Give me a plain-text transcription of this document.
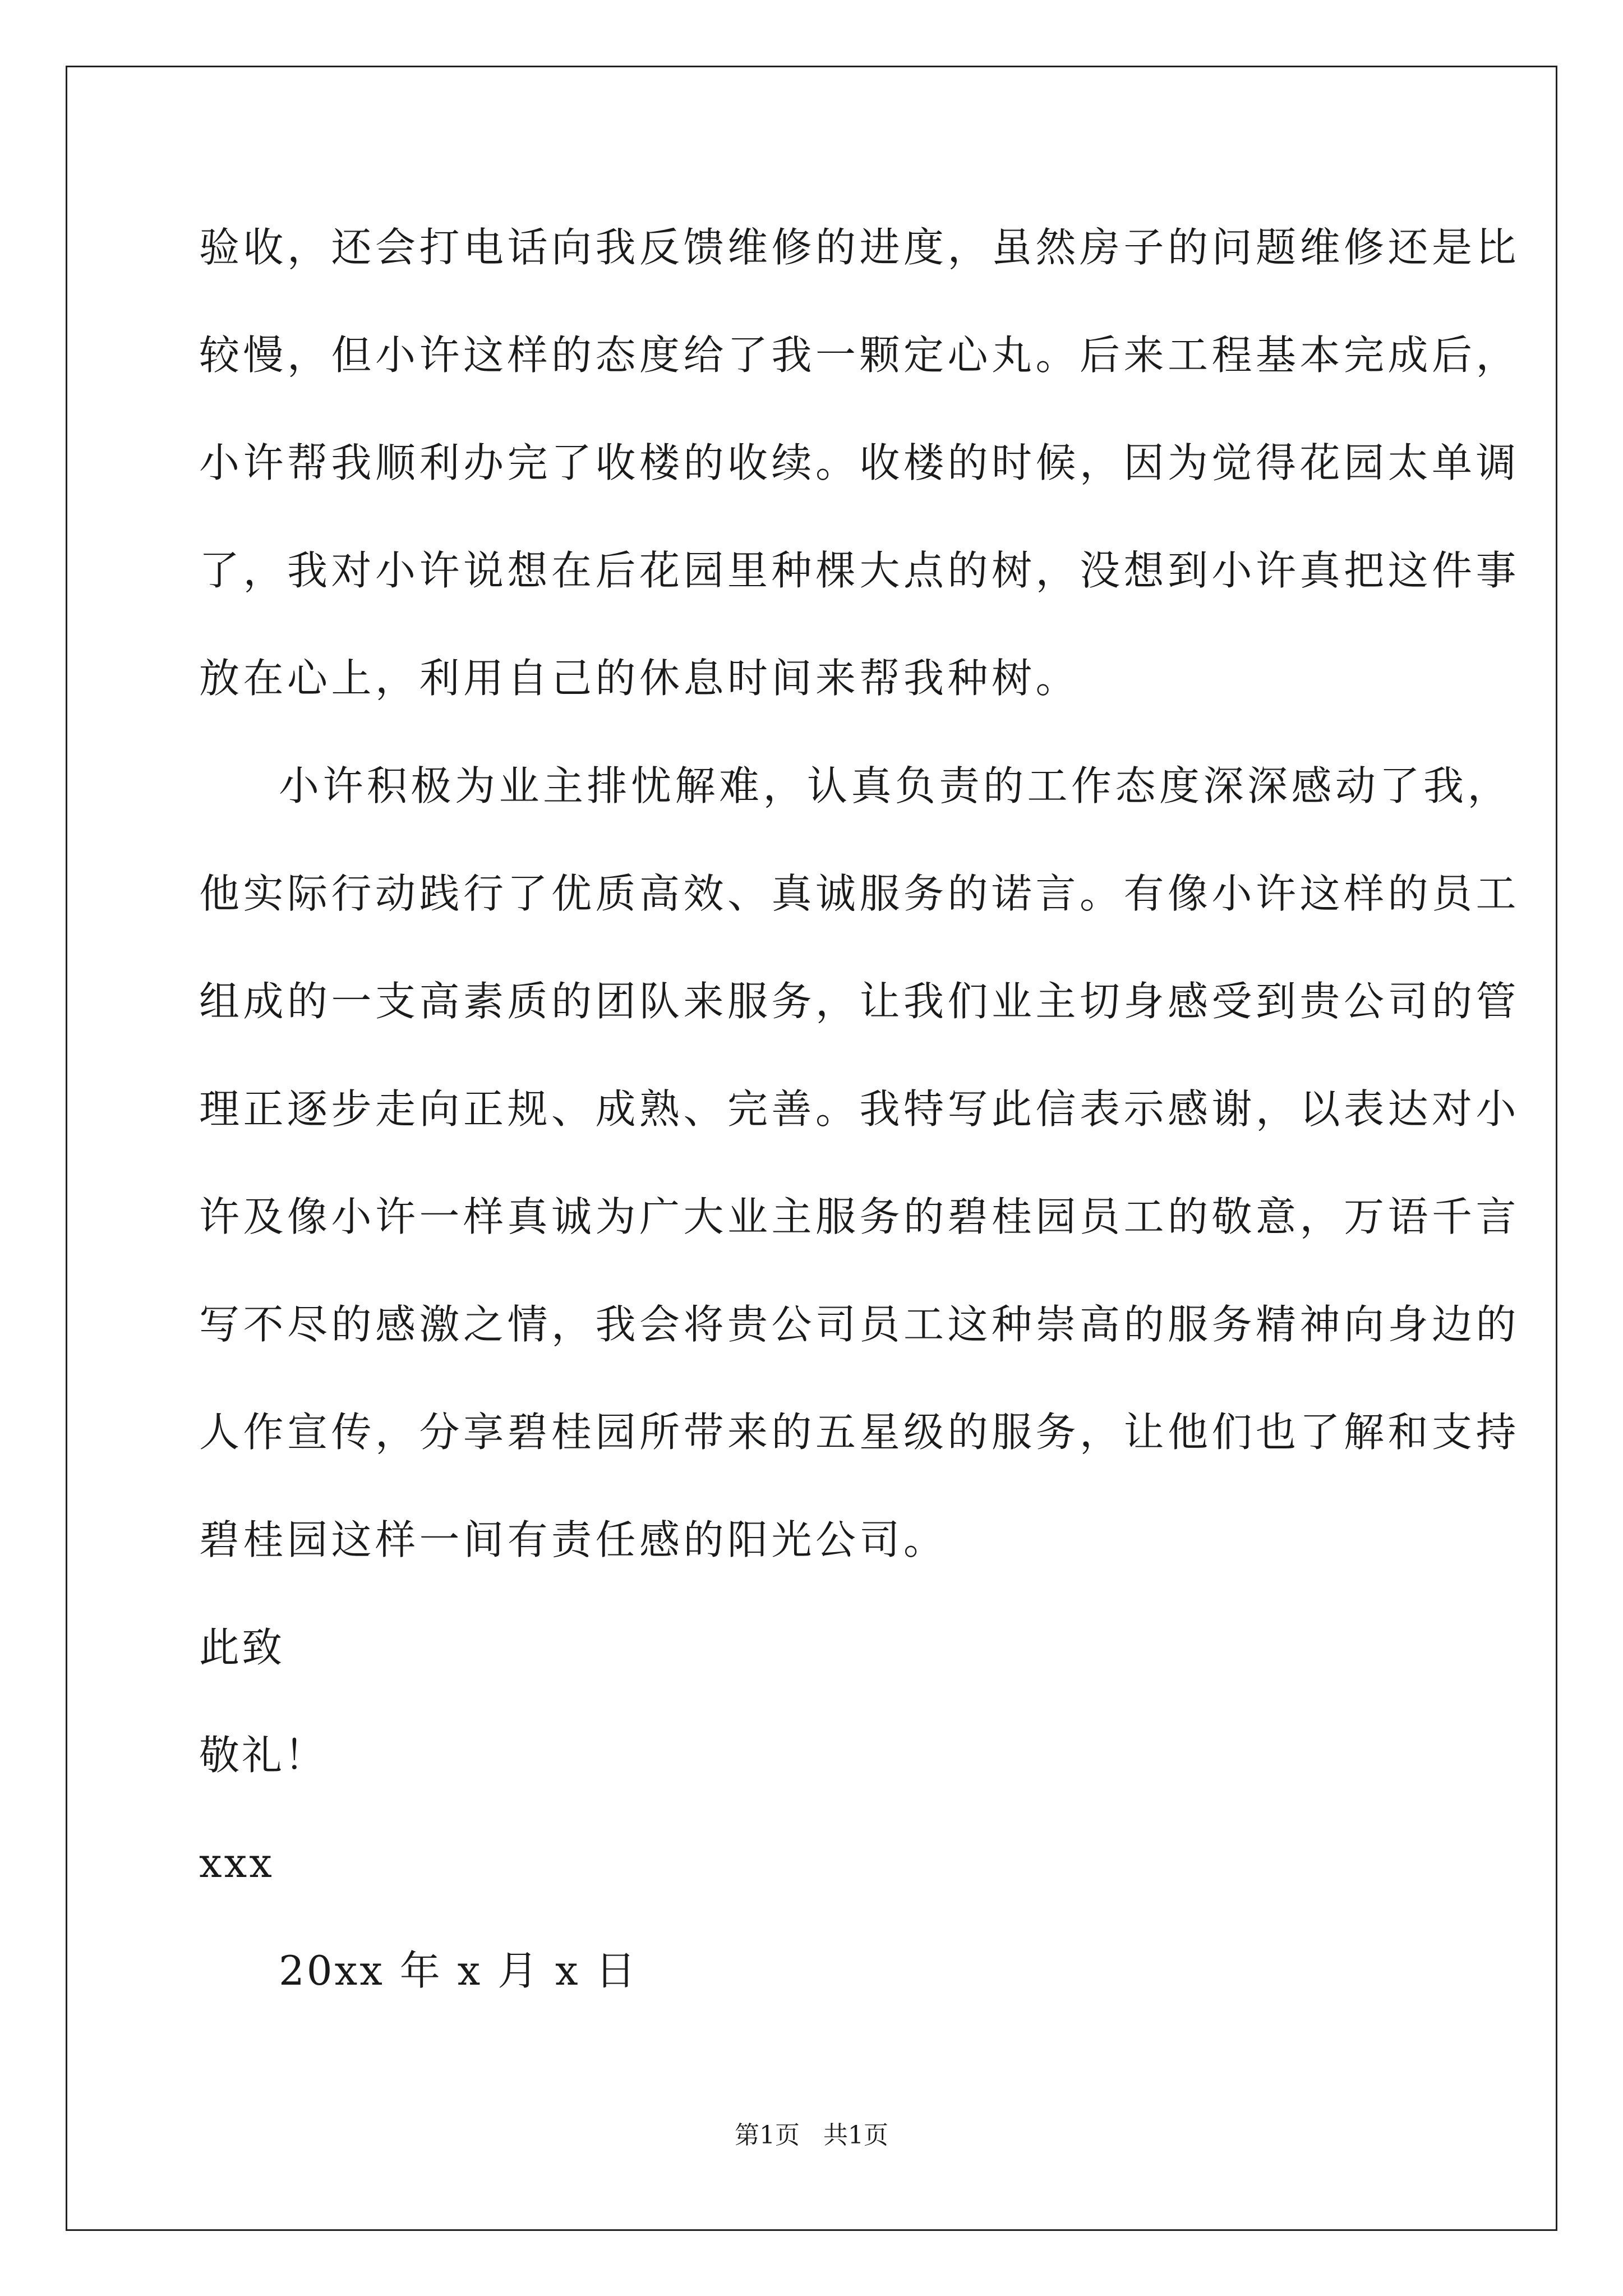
验收，还会打电话向我反馈维修的进度，虽然房子的问题维修还是比
较慢，但小许这样的态度给了我一颗定心丸。后来工程基本完成后，
小许帮我顺利办完了收楼的收续。收楼的时候，因为觉得花园太单调
了，我对小许说想在后花园里种棵大点的树，没想到小许真把这件事
放在心上，利用自己的休息时间来帮我种树。
小许积极为业主排忧解难，认真负责的工作态度深深感动了我，
他实际行动践行了优质高效、真诚服务的诺言。有像小许这样的员工
组成的一支高素质的团队来服务，让我们业主切身感受到贵公司的管
理正逐步走向正规、成熟、完善。我特写此信表示感谢，以表达对小
许及像小许一样真诚为广大业主服务的碧桂园员工的敬意，万语千言
写不尽的感激之情，我会将贵公司员工这种崇高的服务精神向身边的
人作宣传，分享碧桂园所带来的五星级的服务，让他们也了解和支持
碧桂园这样一间有责任感的阳光公司。
此致
敬礼！
xxx
20xx 年 x 月 x 日
第1页   共1页
